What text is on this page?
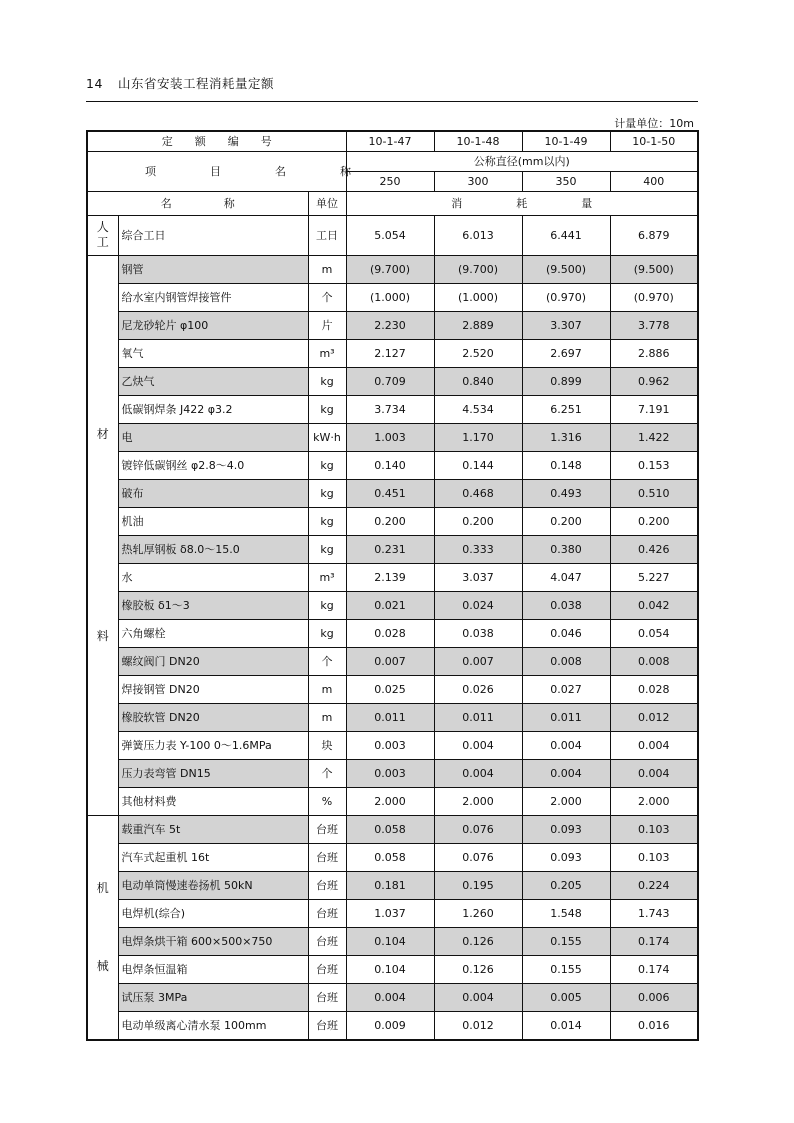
14 山东省安装工程消耗量定额
计量单位：10m
定额编号			10-1-47	10-1-48	10-1-49	10-1-50
项目名称			公称直径(mm以内)			
			250	300	350	400
名称		单位	消耗量			
人工	综合工日	工日	5.054	6.013	6.441	6.879
材

料	钢管	m	(9.700)	(9.700)	(9.500)	(9.500)
	给水室内钢管焊接管件	个	(1.000)	(1.000)	(0.970)	(0.970)
	尼龙砂轮片 φ100	片	2.230	2.889	3.307	3.778
	氧气	m³	2.127	2.520	2.697	2.886
	乙炔气	kg	0.709	0.840	0.899	0.962
	低碳钢焊条 J422 φ3.2	kg	3.734	4.534	6.251	7.191
	电	kW·h	1.003	1.170	1.316	1.422
	镀锌低碳钢丝 φ2.8～4.0	kg	0.140	0.144	0.148	0.153
	破布	kg	0.451	0.468	0.493	0.510
	机油	kg	0.200	0.200	0.200	0.200
	热轧厚钢板 δ8.0～15.0	kg	0.231	0.333	0.380	0.426
	水	m³	2.139	3.037	4.047	5.227
	橡胶板 δ1～3	kg	0.021	0.024	0.038	0.042
	六角螺栓	kg	0.028	0.038	0.046	0.054
	螺纹阀门 DN20	个	0.007	0.007	0.008	0.008
	焊接钢管 DN20	m	0.025	0.026	0.027	0.028
	橡胶软管 DN20	m	0.011	0.011	0.011	0.012
	弹簧压力表 Y-100 0～1.6MPa	块	0.003	0.004	0.004	0.004
	压力表弯管 DN15	个	0.003	0.004	0.004	0.004
	其他材料费	%	2.000	2.000	2.000	2.000
机

械	载重汽车 5t	台班	0.058	0.076	0.093	0.103
	汽车式起重机 16t	台班	0.058	0.076	0.093	0.103
	电动单筒慢速卷扬机 50kN	台班	0.181	0.195	0.205	0.224
	电焊机(综合)	台班	1.037	1.260	1.548	1.743
	电焊条烘干箱 600×500×750	台班	0.104	0.126	0.155	0.174
	电焊条恒温箱	台班	0.104	0.126	0.155	0.174
	试压泵 3MPa	台班	0.004	0.004	0.005	0.006
	电动单级离心清水泵 100mm	台班	0.009	0.012	0.014	0.016
